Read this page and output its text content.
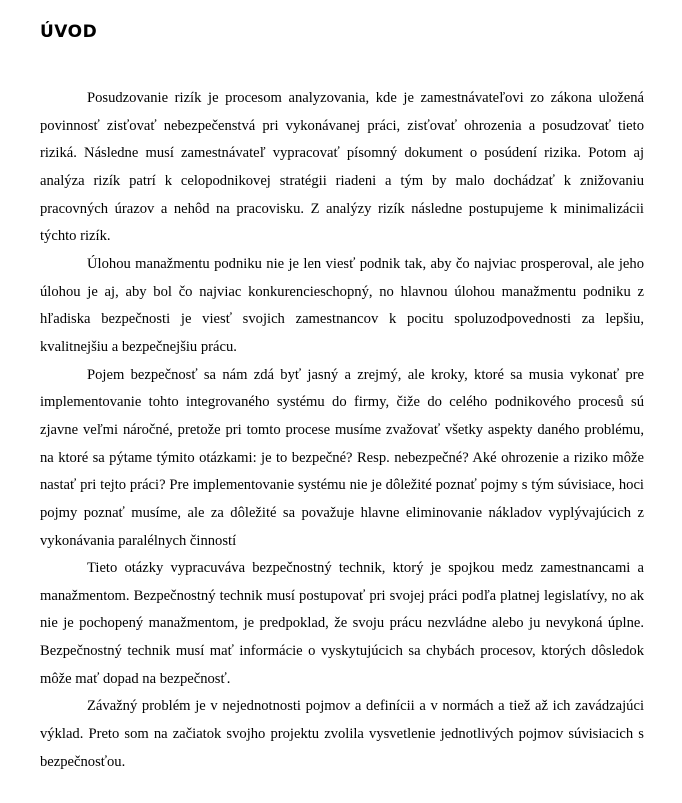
ÚVOD

Posudzovanie rizík je procesom analyzovania, kde je zamestnávateľovi zo zákona uložená povinnosť zisťovať nebezpečenstvá pri vykonávanej práci, zisťovať ohrozenia a posudzovať tieto riziká. Následne musí zamestnávateľ vypracovať písomný dokument o posúdení rizika. Potom aj analýza rizík patrí k celopodnikovej stratégii riadeni a tým by malo dochádzať k znižovaniu pracovných úrazov a nehôd na pracovisku. Z analýzy rizík následne postupujeme k minimalizácii týchto rizík.

Úlohou manažmentu podniku nie je len viesť podnik tak, aby čo najviac prosperoval, ale jeho úlohou je aj, aby bol čo najviac konkurencieschopný, no hlavnou úlohou manažmentu podniku z hľadiska bezpečnosti je viesť svojich zamestnancov k pocitu spoluzodpovednosti za lepšiu, kvalitnejšiu a bezpečnejšiu prácu.

Pojem bezpečnosť sa nám zdá byť jasný a zrejmý, ale kroky, ktoré sa musia vykonať pre implementovanie tohto integrovaného systému do firmy, čiže do celého podnikového procesů sú zjavne veľmi náročné, pretože pri tomto procese musíme zvažovať všetky aspekty daného problému, na ktoré sa pýtame týmito otázkami: je to bezpečné? Resp. nebezpečné? Aké ohrozenie a riziko môže nastať pri tejto práci? Pre implementovanie systému nie je dôležité poznať pojmy s tým súvisiace, hoci pojmy poznať musíme, ale za dôležité sa považuje hlavne eliminovanie nákladov vyplývajúcich z vykonávania paralélnych činností

Tieto otázky vypracuváva bezpečnostný technik, ktorý je spojkou medz zamestnancami a manažmentom. Bezpečnostný technik musí postupovať pri svojej práci podľa platnej legislatívy, no ak nie je pochopený manažmentom, je predpoklad, že svoju prácu nezvládne alebo ju nevykoná úplne. Bezpečnostný technik musí mať informácie o vyskytujúcich sa chybách procesov, ktorých dôsledok môže mať dopad na bezpečnosť.

Závažný problém je v nejednotnosti pojmov a definícii a v normách a tiež až ich zavádzajúci výklad. Preto som na začiatok svojho projektu zvolila vysvetlenie jednotlivých pojmov súvisiacich s bezpečnosťou.
